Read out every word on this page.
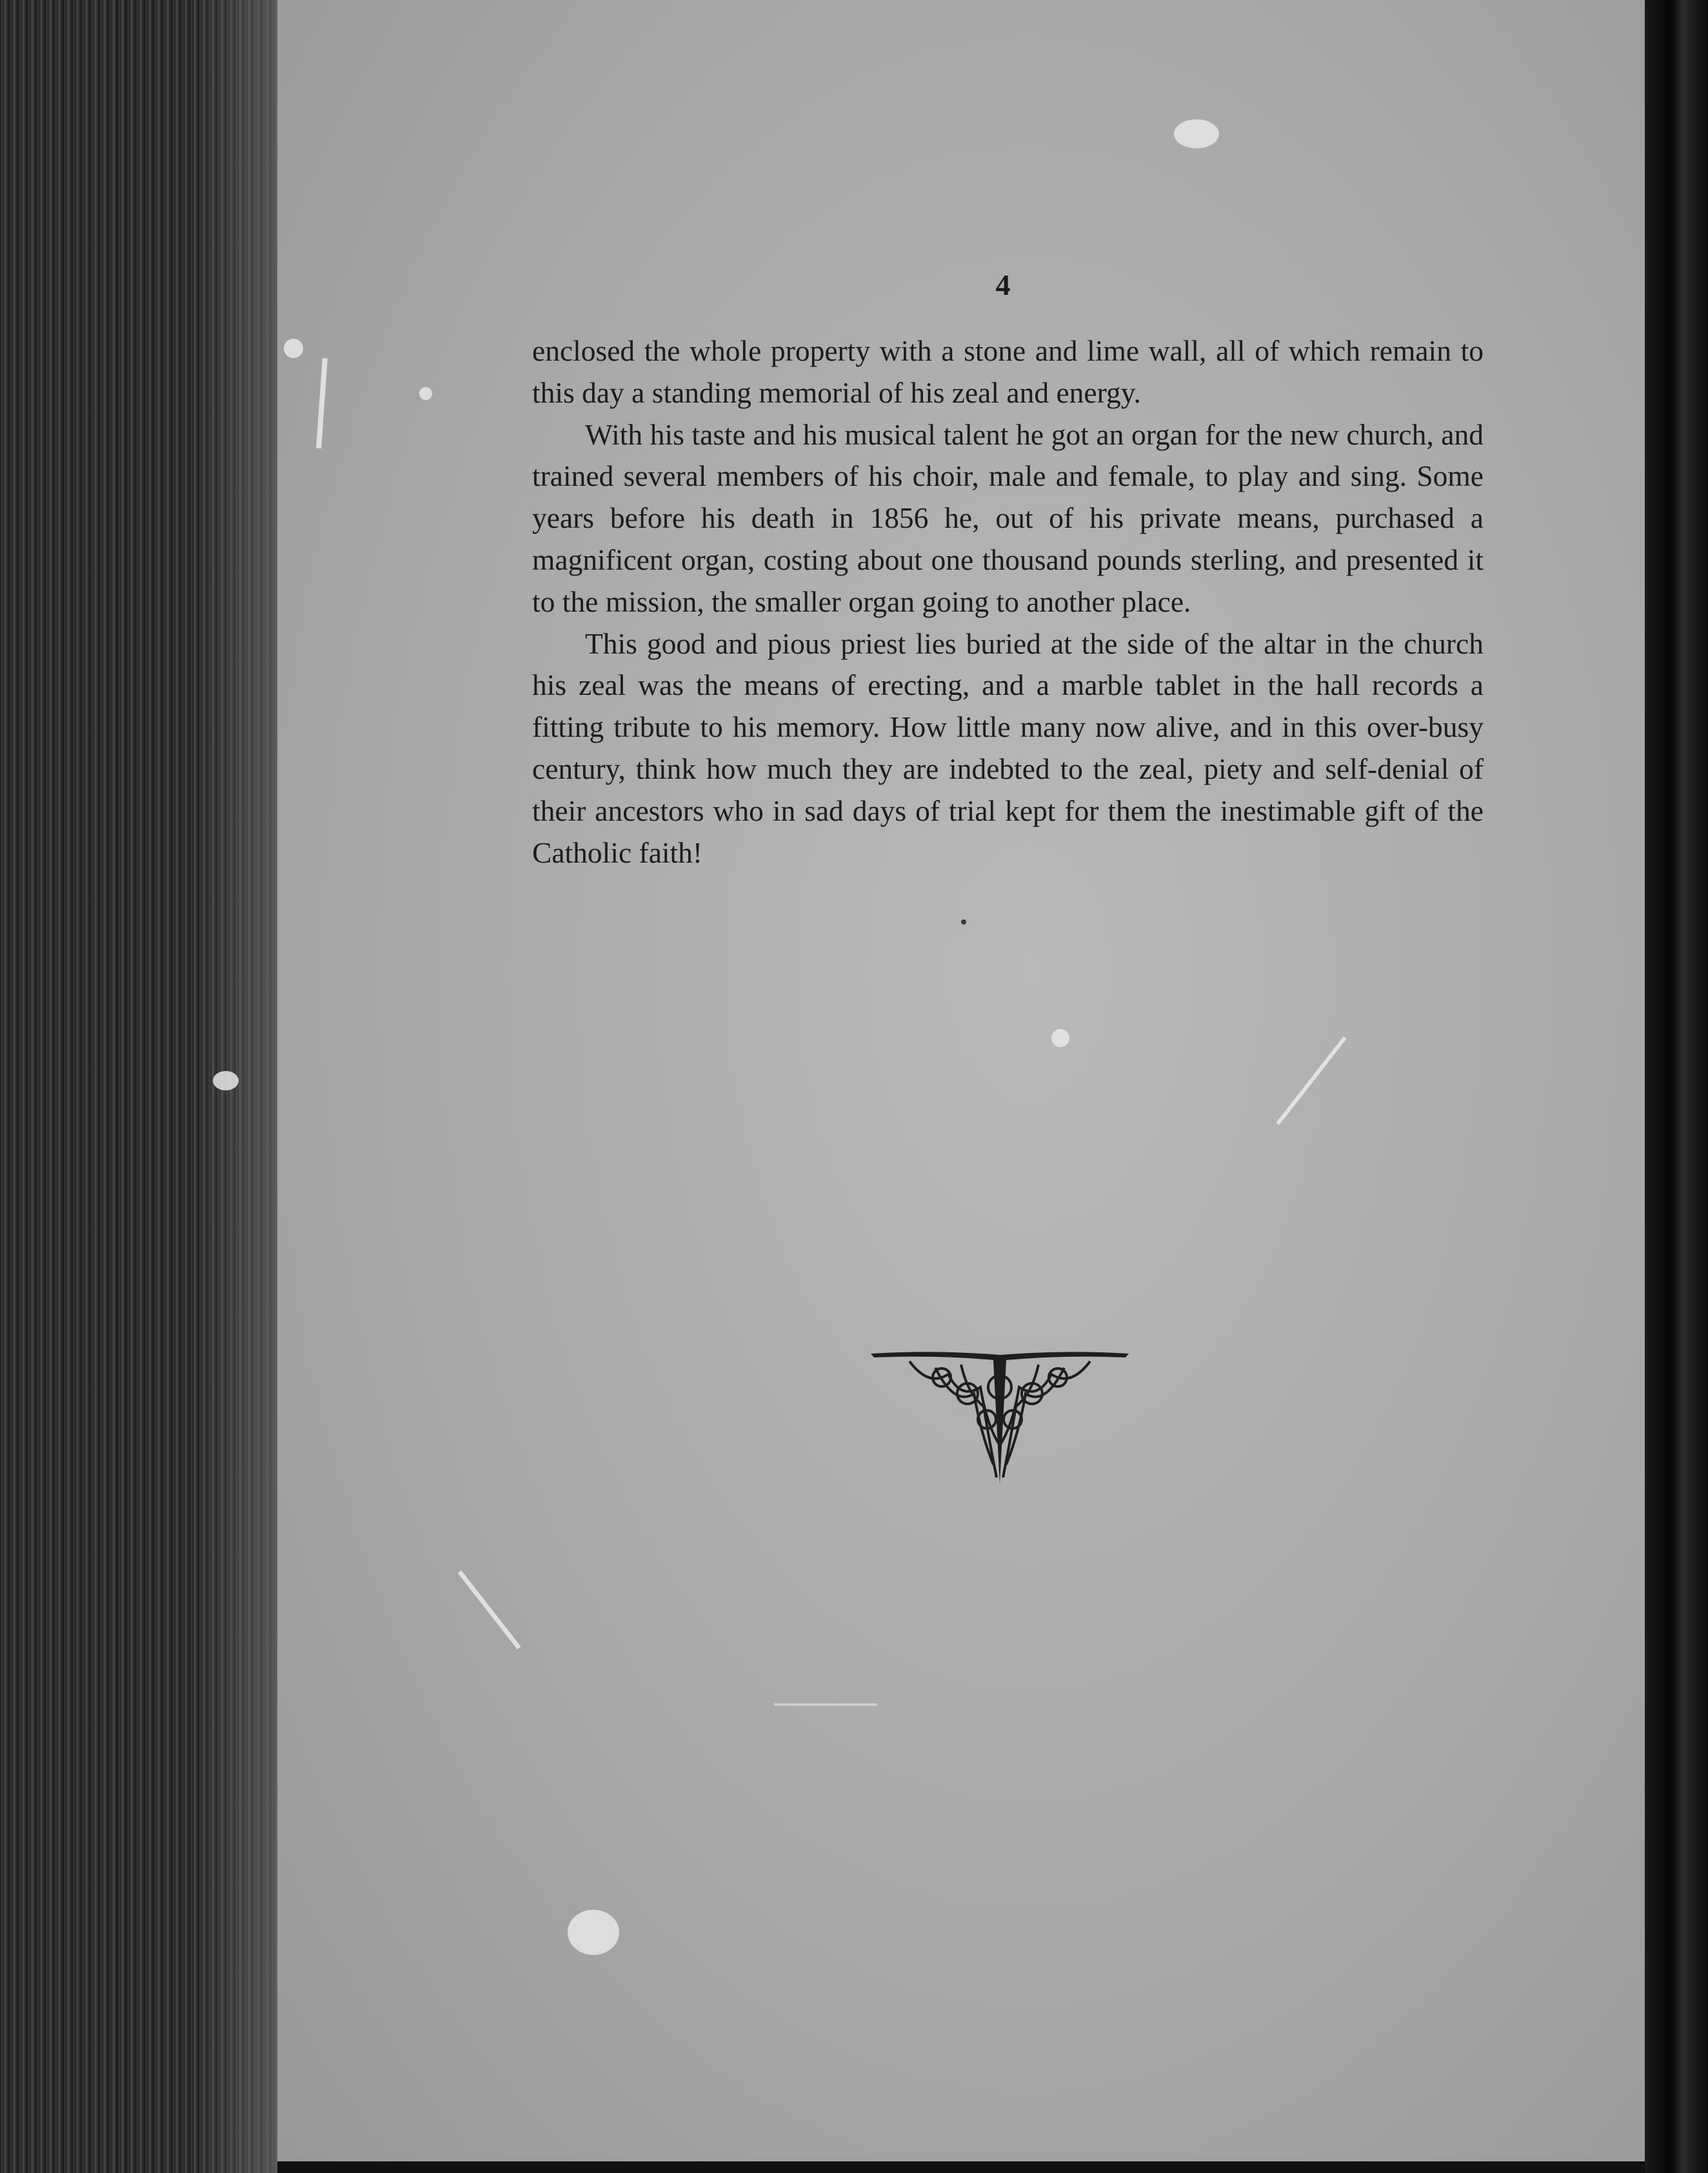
4

enclosed the whole property with a stone and lime wall, all of which remain to this day a standing memorial of his zeal and energy.

With his taste and his musical talent he got an organ for the new church, and trained several members of his choir, male and female, to play and sing. Some years before his death in 1856 he, out of his private means, purchased a magnificent organ, costing about one thousand pounds sterling, and presented it to the mission, the smaller organ going to another place.

This good and pious priest lies buried at the side of the altar in the church his zeal was the means of erecting, and a marble tablet in the hall records a fitting tribute to his memory. How little many now alive, and in this over-busy century, think how much they are indebted to the zeal, piety and self-denial of their ancestors who in sad days of trial kept for them the inestimable gift of the Catholic faith!
